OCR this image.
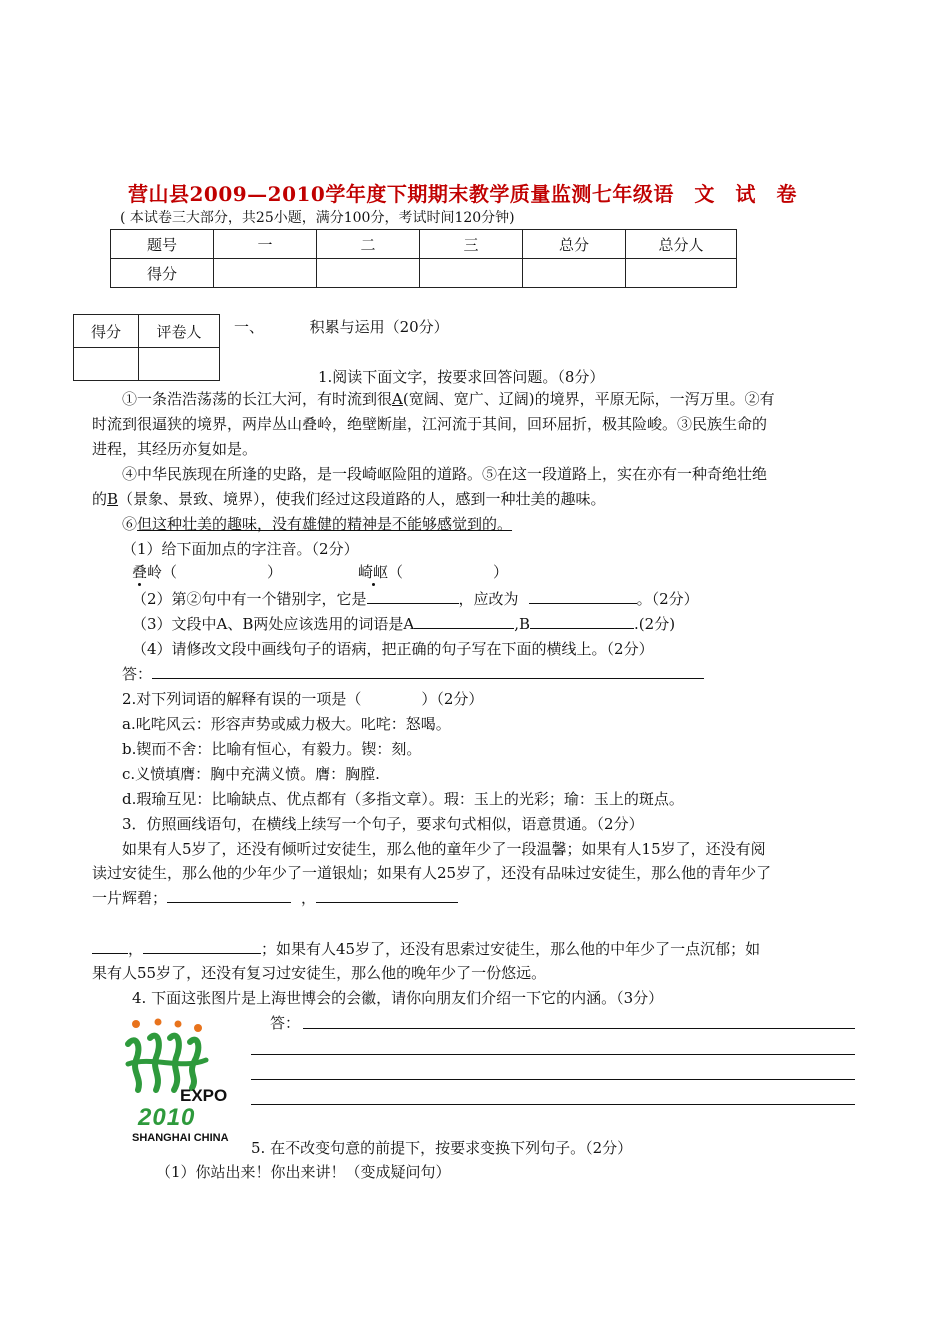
营山县2009—2010学年度下期期末教学质量监测七年级语　文　试　卷
( 本试卷三大部分，共25小题，满分100分，考试时间120分钟)
题号	一	二	三	总分	总分人
得分					
得分	评卷人
	一、	积累与运用（20分）
1.阅读下面文字，按要求回答问题。（8分）
①一条浩浩荡荡的长江大河，有时流到很A(宽阔、宽广、辽阔)的境界，平原无际，一泻万里。②有
时流到很逼狭的境界，两岸丛山叠岭，绝壁断崖，江河流于其间，回环屈折，极其险峻。③民族生命的
进程，其经历亦复如是。
④中华民族现在所逢的史路，是一段崎岖险阻的道路。⑤在这一段道路上，实在亦有一种奇绝壮绝
的B（景象、景致、境界），使我们经过这段道路的人，感到一种壮美的趣味。
⑥但这种壮美的趣味，没有雄健的精神是不能够感觉到的。
（1）给下面加点的字注音。（2分）
叠岭（　　　　　　）	崎岖（　　　　　　）
（2）第②句中有一个错别字，它是	，应改为	。（2分）
（3）文段中A、B两处应该选用的词语是A	,B	.(2分)
（4）请修改文段中画线句子的语病，把正确的句子写在下面的横线上。（2分）
答：
2.对下列词语的解释有误的一项是（　　　　）（2分）
a.叱咤风云：形容声势或威力极大。叱咤：怒喝。
b.锲而不舍：比喻有恒心，有毅力。锲：刻。
c.义愤填膺：胸中充满义愤。膺：胸膛.
d.瑕瑜互见：比喻缺点、优点都有（多指文章）。瑕：玉上的光彩；瑜：玉上的斑点。
3．仿照画线语句，在横线上续写一个句子，要求句式相似，语意贯通。（2分）
如果有人5岁了，还没有倾听过安徒生，那么他的童年少了一段温馨；如果有人15岁了，还没有阅
读过安徒生，那么他的少年少了一道银灿；如果有人25岁了，还没有品味过安徒生，那么他的青年少了
一片辉碧；	，
，	；如果有人45岁了，还没有思索过安徒生，那么他的中年少了一点沉郁；如
果有人55岁了，还没有复习过安徒生，那么他的晚年少了一份悠远。
4. 下面这张图片是上海世博会的会徽，请你向朋友们介绍一下它的内涵。（3分）
答：
EXPO
2010
SHANGHAI CHINA
5. 在不改变句意的前提下，按要求变换下列句子。（2分）
（1）你站出来！你出来讲！（变成疑问句）
